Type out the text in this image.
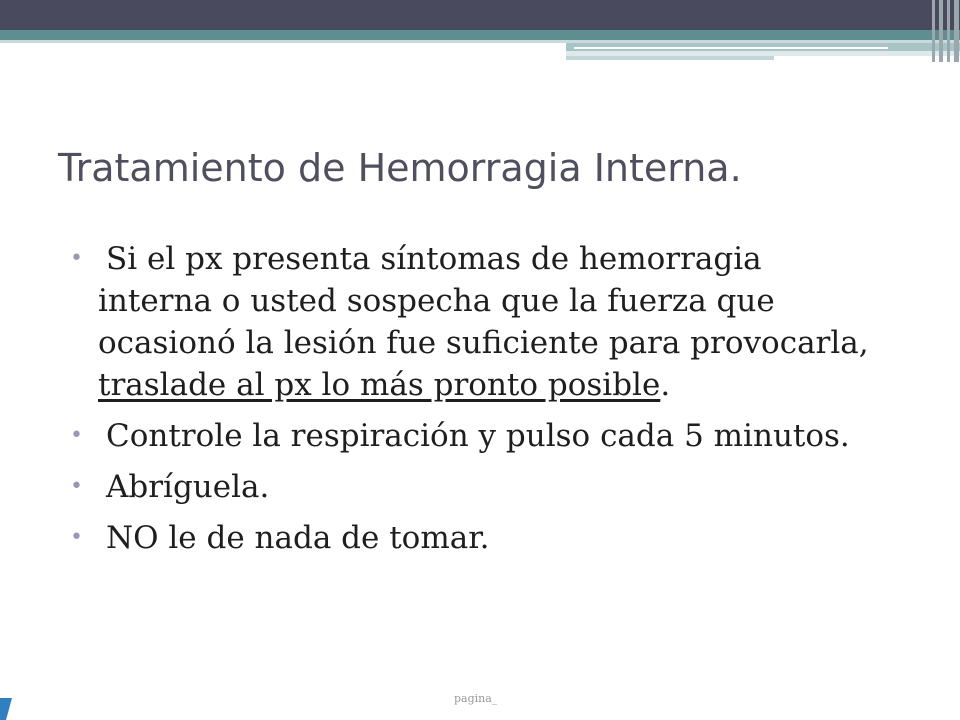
Tratamiento de Hemorragia Interna.
• Si el px presenta síntomas de hemorragia
interna o usted sospecha que la fuerza que
ocasionó la lesión fue suficiente para provocarla,
traslade al px lo más pronto posible.
• Controle la respiración y pulso cada 5 minutos.
• Abríguela.
• NO le de nada de tomar.
pagina_
